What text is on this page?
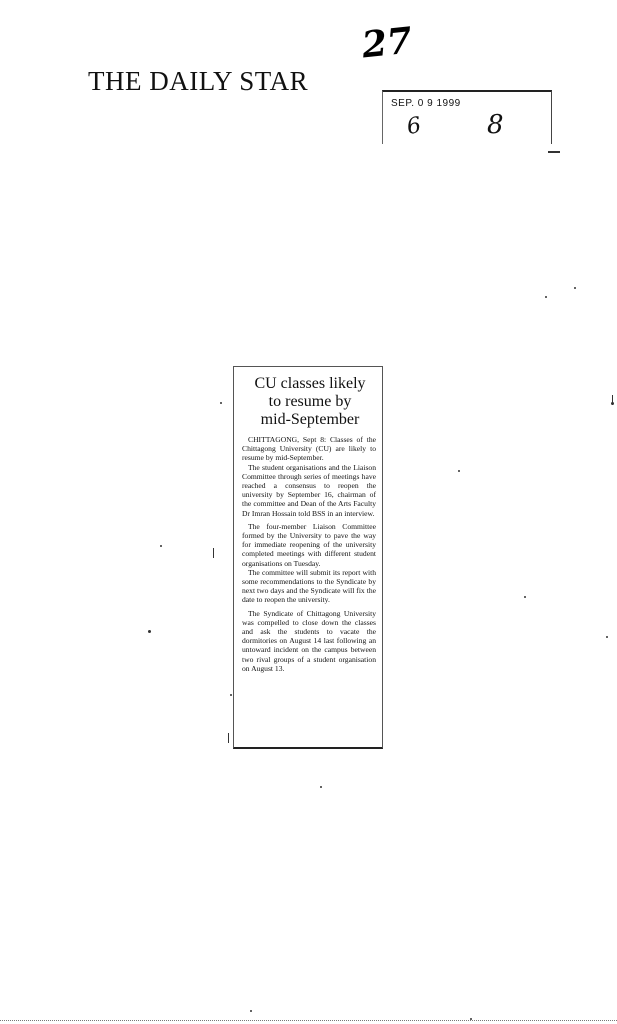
THE DAILY STAR
27
SEP. 0 9 1999
6 8
CU classes likely
to resume by
mid-September

CHITTAGONG, Sept 8: Classes of the Chittagong University (CU) are likely to resume by mid-September.

The student organisations and the Liaison Committee through series of meetings have reached a consensus to reopen the university by September 16, chairman of the committee and Dean of the Arts Faculty Dr Imran Hossain told BSS in an interview.

The four-member Liaison Committee formed by the University to pave the way for immediate reopening of the university completed meetings with different student organisations on Tuesday.

The committee will submit its report with some recommendations to the Syndicate by next two days and the Syndicate will fix the date to reopen the university.

The Syndicate of Chittagong University was compelled to close down the classes and ask the students to vacate the dormitories on August 14 last following an untoward incident on the campus between two rival groups of a student organisation on August 13.
